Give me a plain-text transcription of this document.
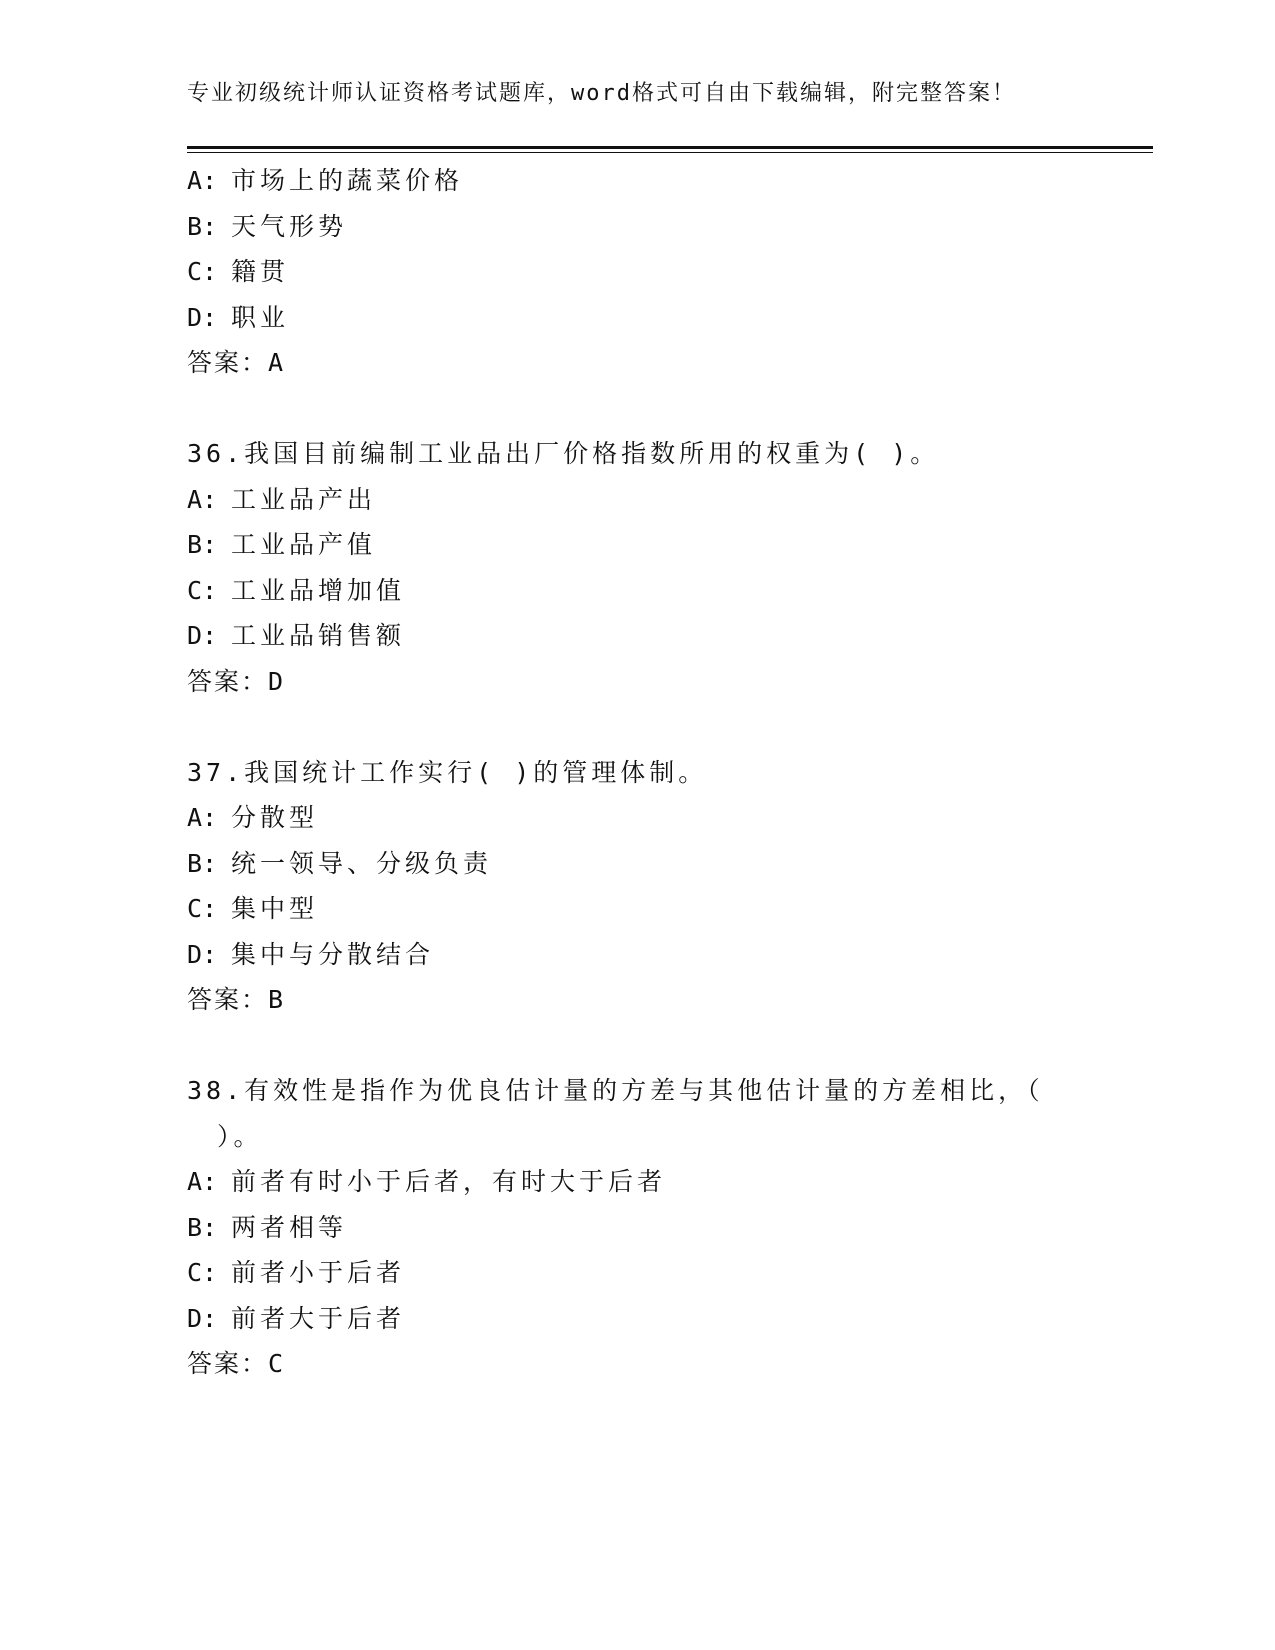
专业初级统计师认证资格考试题库，word格式可自由下载编辑，附完整答案！
A: 市场上的蔬菜价格
B: 天气形势
C: 籍贯
D: 职业
答案：A
36.我国目前编制工业品出厂价格指数所用的权重为( )。
A: 工业品产出
B: 工业品产值
C: 工业品增加值
D: 工业品销售额
答案：D
37.我国统计工作实行( )的管理体制。
A: 分散型
B: 统一领导、分级负责
C: 集中型
D: 集中与分散结合
答案：B
38.有效性是指作为优良估计量的方差与其他估计量的方差相比，（
）。
A: 前者有时小于后者，有时大于后者
B: 两者相等
C: 前者小于后者
D: 前者大于后者
答案：C
